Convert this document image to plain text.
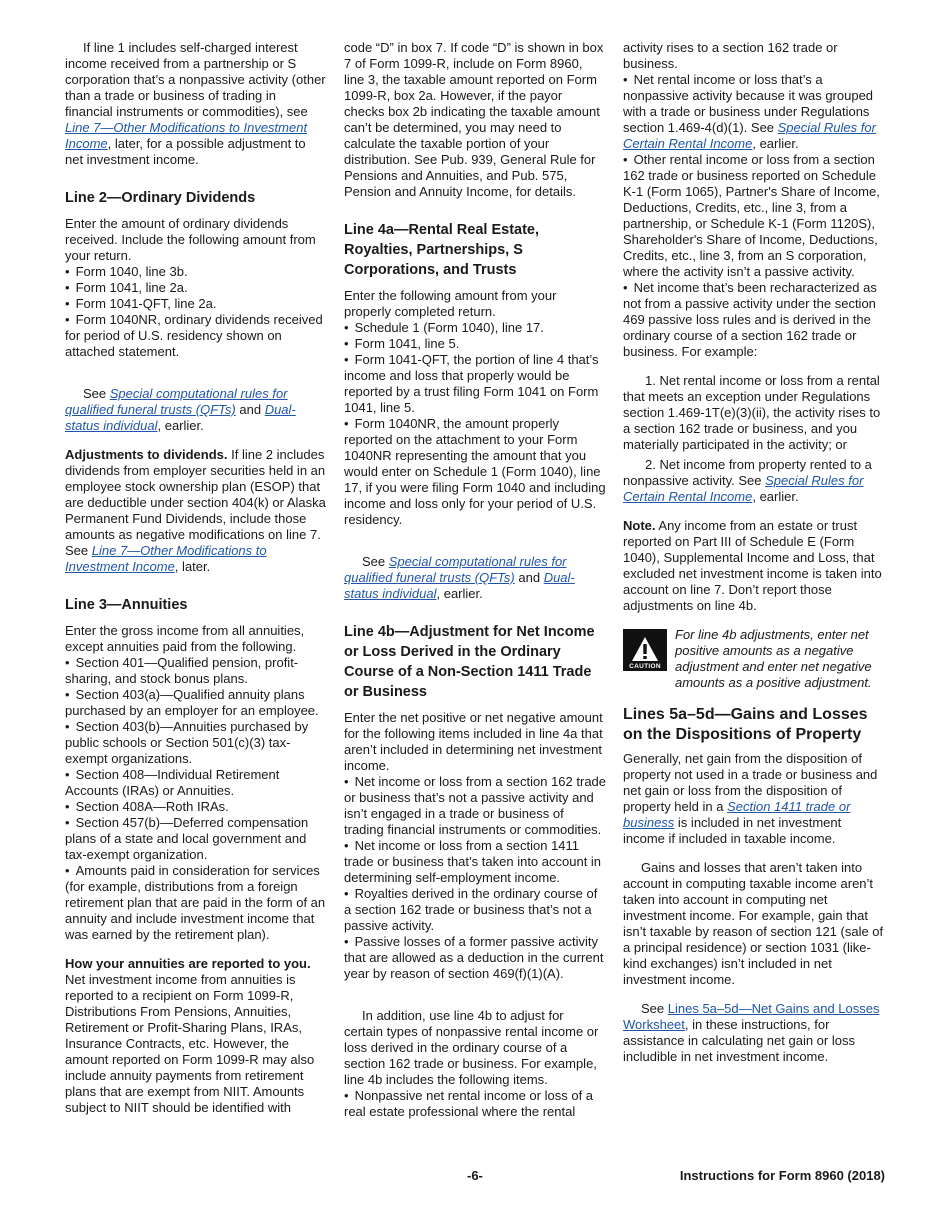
If line 1 includes self-charged interest income received from a partnership or S corporation that’s a nonpassive activity (other than a trade or business of trading in financial instruments or commodities), see Line 7—Other Modifications to Investment Income, later, for a possible adjustment to net investment income.

Line 2—Ordinary Dividends
Enter the amount of ordinary dividends received. Include the following amount from your return.
• Form 1040, line 3b.
• Form 1041, line 2a.
• Form 1041-QFT, line 2a.
• Form 1040NR, ordinary dividends received for period of U.S. residency shown on attached statement.

See Special computational rules for qualified funeral trusts (QFTs) and Dual-status individual, earlier.

Adjustments to dividends. If line 2 includes dividends from employer securities held in an employee stock ownership plan (ESOP) that are deductible under section 404(k) or Alaska Permanent Fund Dividends, include those amounts as negative modifications on line 7. See Line 7—Other Modifications to Investment Income, later.

Line 3—Annuities
Enter the gross income from all annuities, except annuities paid from the following.
• Section 401—Qualified pension, profit-sharing, and stock bonus plans.
• Section 403(a)—Qualified annuity plans purchased by an employer for an employee.
• Section 403(b)—Annuities purchased by public schools or Section 501(c)(3) tax-exempt organizations.
• Section 408—Individual Retirement Accounts (IRAs) or Annuities.
• Section 408A—Roth IRAs.
• Section 457(b)—Deferred compensation plans of a state and local government and tax-exempt organization.
• Amounts paid in consideration for services (for example, distributions from a foreign retirement plan that are paid in the form of an annuity and include investment income that was earned by the retirement plan).

How your annuities are reported to you. Net investment income from annuities is reported to a recipient on Form 1099-R, Distributions From Pensions, Annuities, Retirement or Profit-Sharing Plans, IRAs, Insurance Contracts, etc. However, the amount reported on Form 1099-R may also include annuity payments from retirement plans that are exempt from NIIT. Amounts subject to NIIT should be identified with

code “D” in box 7. If code “D” is shown in box 7 of Form 1099-R, include on Form 8960, line 3, the taxable amount reported on Form 1099-R, box 2a. However, if the payor checks box 2b indicating the taxable amount can’t be determined, you may need to calculate the taxable portion of your distribution. See Pub. 939, General Rule for Pensions and Annuities, and Pub. 575, Pension and Annuity Income, for details.

Line 4a—Rental Real Estate, Royalties, Partnerships, S Corporations, and Trusts
Enter the following amount from your properly completed return.
• Schedule 1 (Form 1040), line 17.
• Form 1041, line 5.
• Form 1041-QFT, the portion of line 4 that’s income and loss that properly would be reported by a trust filing Form 1041 on Form 1041, line 5.
• Form 1040NR, the amount properly reported on the attachment to your Form 1040NR representing the amount that you would enter on Schedule 1 (Form 1040), line 17, if you were filing Form 1040 and including income and loss only for your period of U.S. residency.

See Special computational rules for qualified funeral trusts (QFTs) and Dual-status individual, earlier.

Line 4b—Adjustment for Net Income or Loss Derived in the Ordinary Course of a Non-Section 1411 Trade or Business
Enter the net positive or net negative amount for the following items included in line 4a that aren’t included in determining net investment income.
• Net income or loss from a section 162 trade or business that’s not a passive activity and isn’t engaged in a trade or business of trading financial instruments or commodities.
• Net income or loss from a section 1411 trade or business that’s taken into account in determining self-employment income.
• Royalties derived in the ordinary course of a section 162 trade or business that’s not a passive activity.
• Passive losses of a former passive activity that are allowed as a deduction in the current year by reason of section 469(f)(1)(A).
In addition, use line 4b to adjust for certain types of nonpassive rental income or loss derived in the ordinary course of a section 162 trade or business. For example, line 4b includes the following items.
• Nonpassive net rental income or loss of a real estate professional where the rental
activity rises to a section 162 trade or business.
• Net rental income or loss that’s a nonpassive activity because it was grouped with a trade or business under Regulations section 1.469-4(d)(1). See Special Rules for Certain Rental Income, earlier.
• Other rental income or loss from a section 162 trade or business reported on Schedule K-1 (Form 1065), Partner's Share of Income, Deductions, Credits, etc., line 3, from a partnership, or Schedule K-1 (Form 1120S), Shareholder's Share of Income, Deductions, Credits, etc., line 3, from an S corporation, where the activity isn’t a passive activity.
• Net income that’s been recharacterized as not from a passive activity under the section 469 passive loss rules and is derived in the ordinary course of a section 162 trade or business. For example:

1. Net rental income or loss from a rental that meets an exception under Regulations section 1.469-1T(e)(3)(ii), the activity rises to a section 162 trade or business, and you materially participated in the activity; or

2. Net income from property rented to a nonpassive activity. See Special Rules for Certain Rental Income, earlier.

Note. Any income from an estate or trust reported on Part III of Schedule E (Form 1040), Supplemental Income and Loss, that excluded net investment income is taken into account on line 7. Don’t report those adjustments on line 4b.

CAUTION
For line 4b adjustments, enter net positive amounts as a negative adjustment and enter net negative amounts as a positive adjustment.
Lines 5a–5d—Gains and Losses on the Dispositions of Property

Generally, net gain from the disposition of property not used in a trade or business and net gain or loss from the disposition of property held in a Section 1411 trade or business is included in net investment income if included in taxable income.

Gains and losses that aren’t taken into account in computing taxable income aren’t taken into account in computing net investment income. For example, gain that isn’t taxable by reason of section 121 (sale of a principal residence) or section 1031 (like-kind exchanges) isn’t included in net investment income.

See Lines 5a–5d—Net Gains and Losses Worksheet, in these instructions, for assistance in calculating net gain or loss includible in net investment income.

-6-	Instructions for Form 8960 (2018)
